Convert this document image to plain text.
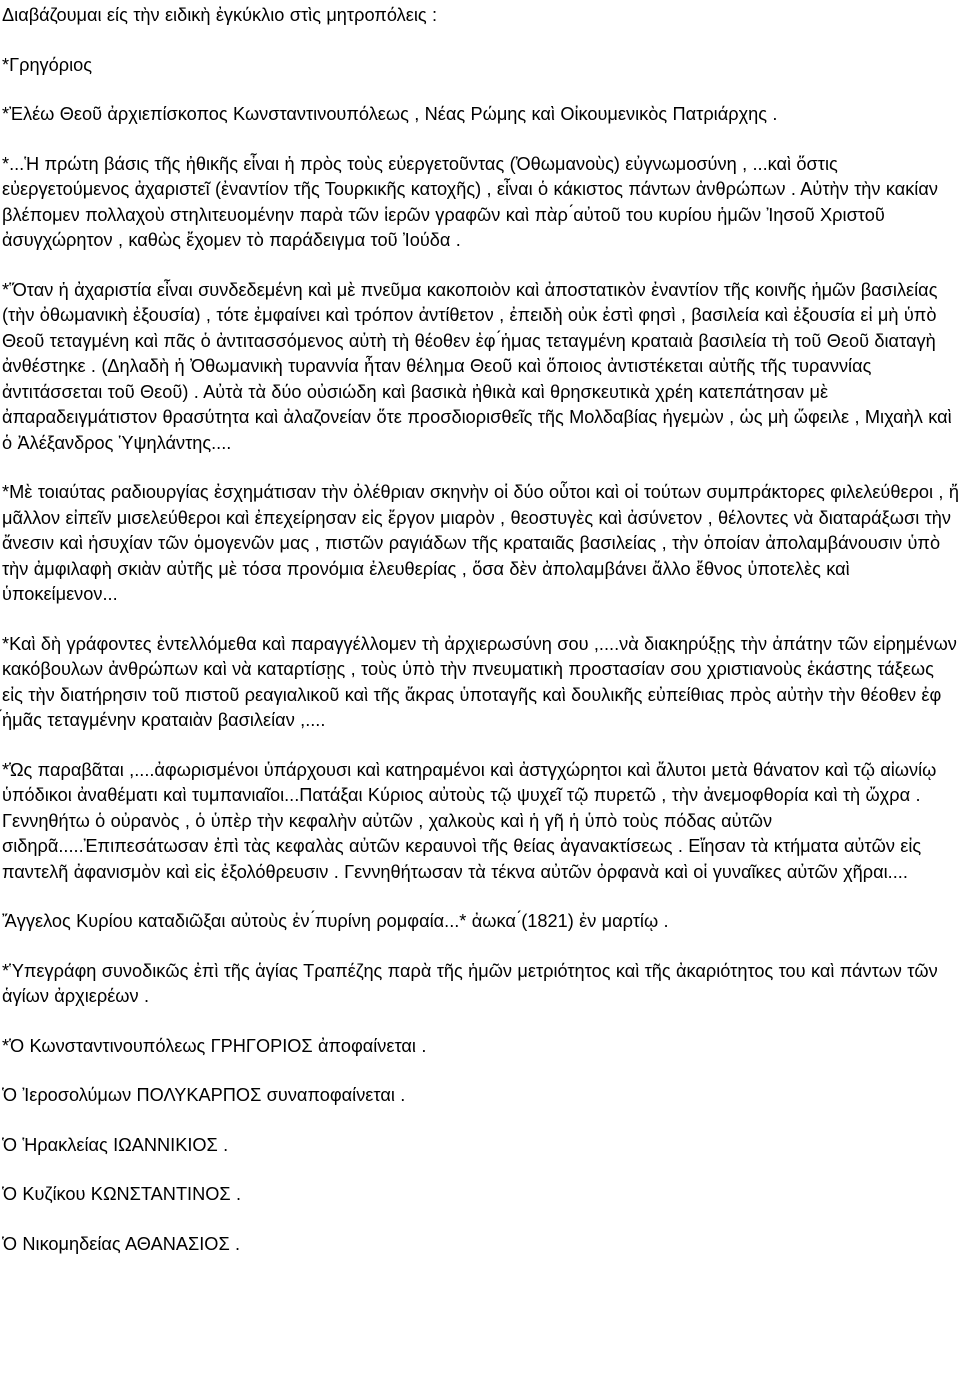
Διαβάζουμαι είς τὴν ειδικὴ ἐγκύκλιο στὶς μητροπόλεις :

*Γρηγόριος

*Ἐλέω Θεοῦ ἀρχιεπίσκοπος Κωνσταντινουπόλεως , Νέας Ρώμης καὶ Οἰκουμενικὸς Πατριάρχης .

*...Ἡ πρώτη βάσις τῆς ἠθικῆς εἶναι ἡ πρὸς τοὺς εὐεργετοῦντας (Ὀθωμανοὺς) εὐγνωμοσύνη , ...καὶ ὅστις εὐεργετούμενος ἀχαριστεῖ (ἐναντίον τῆς Τουρκικῆς κατοχῆς) , εἶναι ὁ κάκιστος πάντων ἀνθρώπων . Αὐτὴν τὴν κακίαν βλέπομεν πολλαχοὺ στηλιτευομένην παρὰ τῶν ἱερῶν γραφῶν καὶ πὰρ ́αὐτοῦ του κυρίου ἡμῶν Ἰησοῦ Χριστοῦ ἀσυγχώρητον , καθὼς ἔχομεν τὸ παράδειγμα τοῦ Ἰούδα .

*Ὅταν ἡ ἀχαριστία εἶναι συνδεδεμένη καὶ μὲ πνεῦμα κακοποιὸν καὶ ἀποστατικὸν ἐναντίον τῆς κοινῆς ἡμῶν βασιλείας (τὴν ὀθωμανικὴ ἐξουσία) , τότε ἐμφαίνει καὶ τρόπον ἀντίθετον , ἐπειδὴ οὐκ ἐστὶ φησὶ , βασιλεία καὶ ἐξουσία εἰ μὴ ὑπὸ Θεοῦ τεταγμένη καὶ πᾶς ὁ ἀντιτασσόμενος αὐτὴ τὴ θέοθεν ἐφ ́ἡμας τεταγμένη κραταιὰ βασιλεία τὴ τοῦ Θεοῦ διαταγὴ ἀνθέστηκε . (Δηλαδὴ ἡ Ὀθωμανικὴ τυραννία ἦταν θέλημα Θεοῦ καὶ ὅποιος ἀντιστέκεται αὐτῆς τῆς τυραννίας ἀντιτάσσεται τοῦ Θεοῦ) . Αὐτὰ τὰ δύο οὐσιώδη καὶ βασικὰ ἠθικὰ καὶ θρησκευτικὰ χρέη κατεπάτησαν μὲ ἀπαραδειγμάτιστον θρασύτητα καὶ ἀλαζονείαν ὅτε προσδιορισθεῖς τῆς Μολδαβίας ἡγεμὼν , ὡς μὴ ὤφειλε , Μιχαὴλ καὶ ὁ Ἀλέξανδρος Ὑψηλάντης....

*Μὲ τοιαύτας ραδιουργίας ἐσχημάτισαν τὴν ὀλέθριαν σκηνὴν οἱ δύο οὗτοι καὶ οἱ τούτων συμπράκτορες φιλελεύθεροι , ἤ μᾶλλον εἰπεῖν μισελεύθεροι καὶ ἐπεχείρησαν εἰς ἔργον μιαρὸν , θεοστυγὲς καὶ ἀσύνετον , θέλοντες νὰ διαταράξωσι τὴν ἄνεσιν καὶ ἡσυχίαν τῶν ὁμογενῶν μας , πιστῶν ραγιάδων τῆς κραταιᾶς βασιλείας , τὴν ὁποίαν ἀπολαμβάνουσιν ὑπὸ τὴν ἀμφιλαφὴ σκιὰν αὐτῆς μὲ τόσα προνόμια ἐλευθερίας , ὅσα δὲν ἀπολαμβάνει ἄλλο ἔθνος ὑποτελὲς καὶ ὑποκείμενον...

*Καὶ δὴ γράφοντες ἐντελλόμεθα καὶ παραγγέλλομεν τὴ ἀρχιερωσύνη σου ,....νὰ διακηρύξῃς τὴν ἀπάτην τῶν εἰρημένων κακόβουλων ἀνθρώπων καὶ νὰ καταρτίσῃς , τοὺς ὑπὸ τὴν πνευματικὴ προστασίαν σου χριστιανοὺς ἑκάστης τάξεως εἰς τὴν διατήρησιν τοῦ πιστοῦ ρεαγιαλικοῦ καὶ τῆς ἄκρας ὑποταγῆς καὶ δουλικῆς εὐπείθιας πρὸς αὐτὴν τὴν θέοθεν ἐφ ́ἡμᾶς τεταγμένην κραταιὰν βασιλείαν ,....

*Ὡς παραβᾶται ,....ἀφωρισμένοι ὑπάρχουσι καὶ κατηραμένοι καὶ ἀστγχώρητοι καὶ ἄλυτοι μετὰ θάνατον καὶ τῷ αἰωνίῳ ὑπόδικοι ἀναθέματι καὶ τυμπανιαῖοι...Πατάξαι Κύριος αὐτοὺς τῷ ψυχεῖ τῷ πυρετῶ , τὴν ἀνεμοφθορία καὶ τὴ ὤχρα . Γεννηθήτω ὁ οὐρανὸς , ὁ ὑπὲρ τὴν κεφαλὴν αὐτῶν , χαλκοὺς καὶ ἡ γῆ ἡ ὑπὸ τοὺς πόδας αὐτῶν σιδηρᾶ.....Ἐπιπεσάτωσαν ἐπὶ τὰς κεφαλὰς αὐτῶν κεραυνοὶ τῆς θείας ἀγανακτίσεως . Εἴησαν τὰ κτήματα αὐτῶν εἰς παντελῆ ἀφανισμὸν καὶ εἰς ἐξολόθρευσιν . Γεννηθήτωσαν τὰ τέκνα αὐτῶν ὀρφανὰ καὶ οἱ γυναῖκες αὐτῶν χῆραι....

Ἄγγελος Κυρίου καταδιῶξαι αὐτοὺς ἐν ́πυρίνη ρομφαία...* ἀωκα ́(1821) ἐν μαρτίῳ .

*Ὑπεγράφη συνοδικῶς ἐπὶ τῆς ἁγίας Τραπέζης παρὰ τῆς ἡμῶν μετριότητος καὶ τῆς ἀκαριότητος του καὶ πάντων τῶν ἁγίων ἀρχιερέων .

*Ὁ Κωνσταντινουπόλεως ΓΡΗΓΟΡΙΟΣ ἀποφαίνεται .

Ὁ Ἰεροσολύμων ΠΟΛΥΚΑΡΠΟΣ συναποφαίνεται .

Ὁ Ἡρακλείας ΙΩΑΝΝΙΚΙΟΣ .

Ὁ Κυζίκου ΚΩΝΣΤΑΝΤΙΝΟΣ .

Ὁ Νικομηδείας ΑΘΑΝΑΣΙΟΣ .
